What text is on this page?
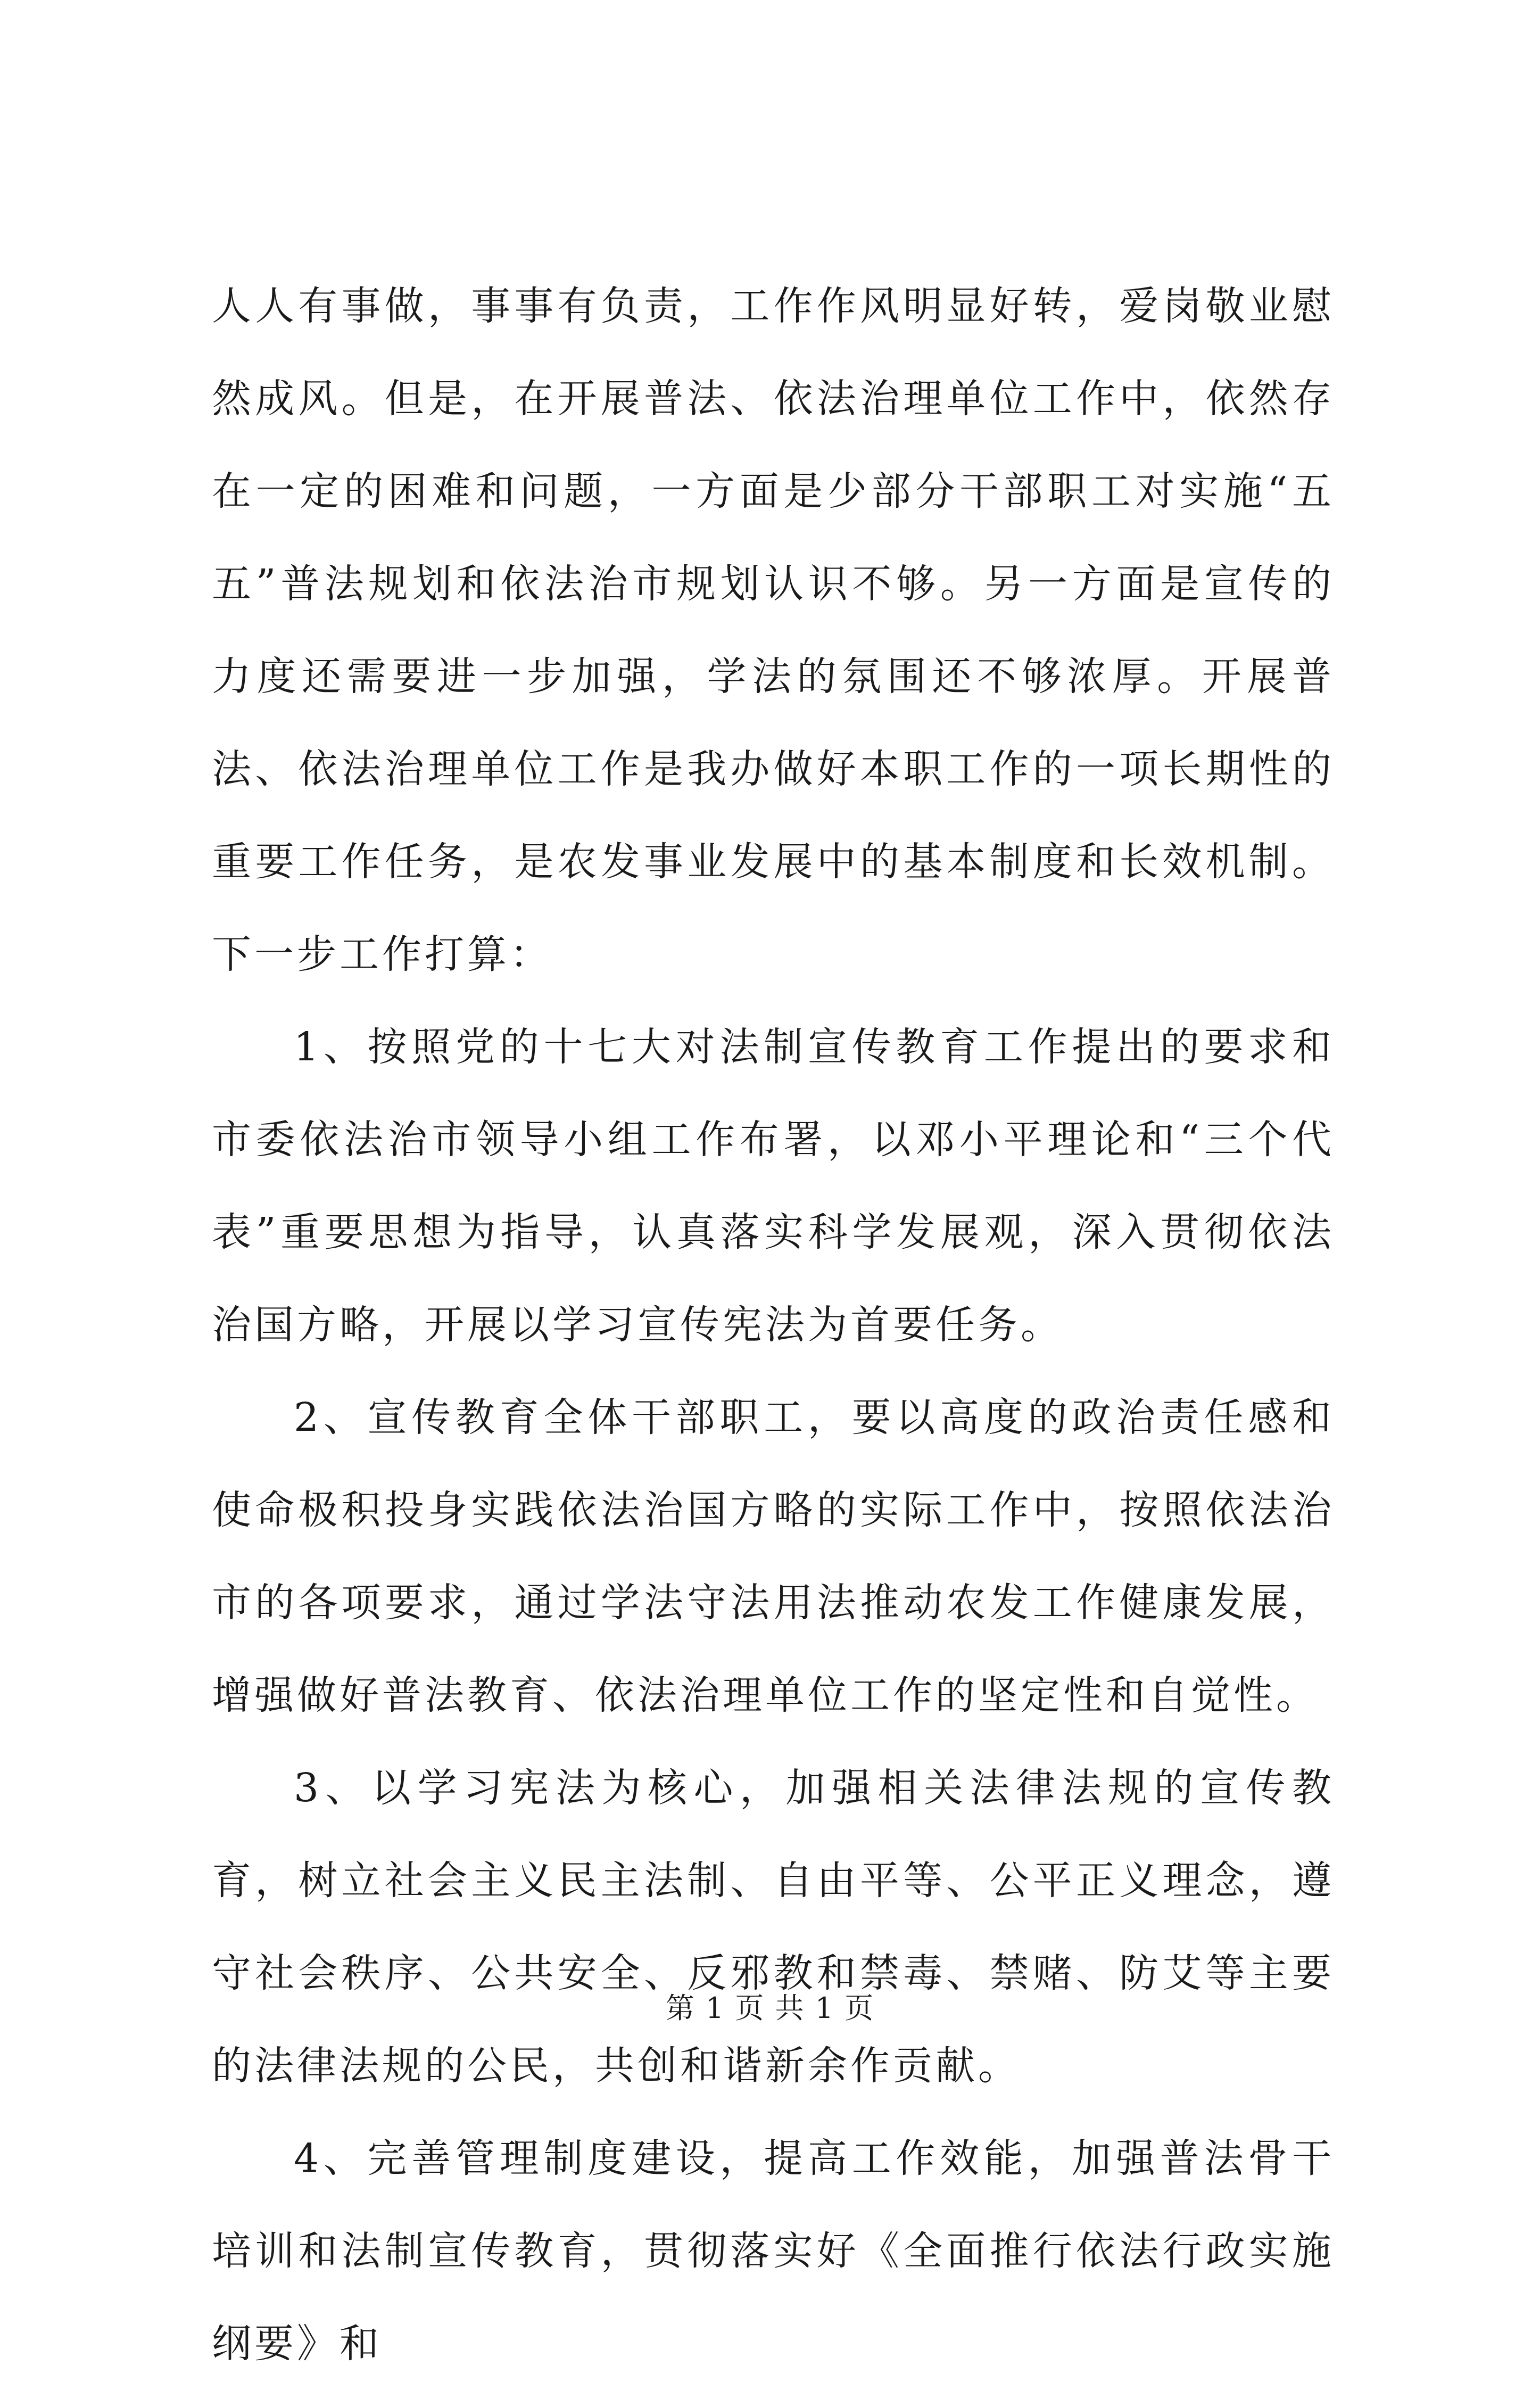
人人有事做，事事有负责，工作作风明显好转，爱岗敬业慰然成风。但是，在开展普法、依法治理单位工作中，依然存在一定的困难和问题，一方面是少部分干部职工对实施“五五”普法规划和依法治市规划认识不够。另一方面是宣传的力度还需要进一步加强，学法的氛围还不够浓厚。开展普法、依法治理单位工作是我办做好本职工作的一项长期性的重要工作任务，是农发事业发展中的基本制度和长效机制。下一步工作打算：

1、按照党的十七大对法制宣传教育工作提出的要求和市委依法治市领导小组工作布署，以邓小平理论和“三个代表”重要思想为指导，认真落实科学发展观，深入贯彻依法治国方略，开展以学习宣传宪法为首要任务。

2、宣传教育全体干部职工，要以高度的政治责任感和使命极积投身实践依法治国方略的实际工作中，按照依法治市的各项要求，通过学法守法用法推动农发工作健康发展，增强做好普法教育、依法治理单位工作的坚定性和自觉性。

3、以学习宪法为核心，加强相关法律法规的宣传教育，树立社会主义民主法制、自由平等、公平正义理念，遵守社会秩序、公共安全、反邪教和禁毒、禁赌、防艾等主要的法律法规的公民，共创和谐新余作贡献。

4、完善管理制度建设，提高工作效能，加强普法骨干培训和法制宣传教育，贯彻落实好《全面推行依法行政实施纲要》和

第 1 页 共 1 页
